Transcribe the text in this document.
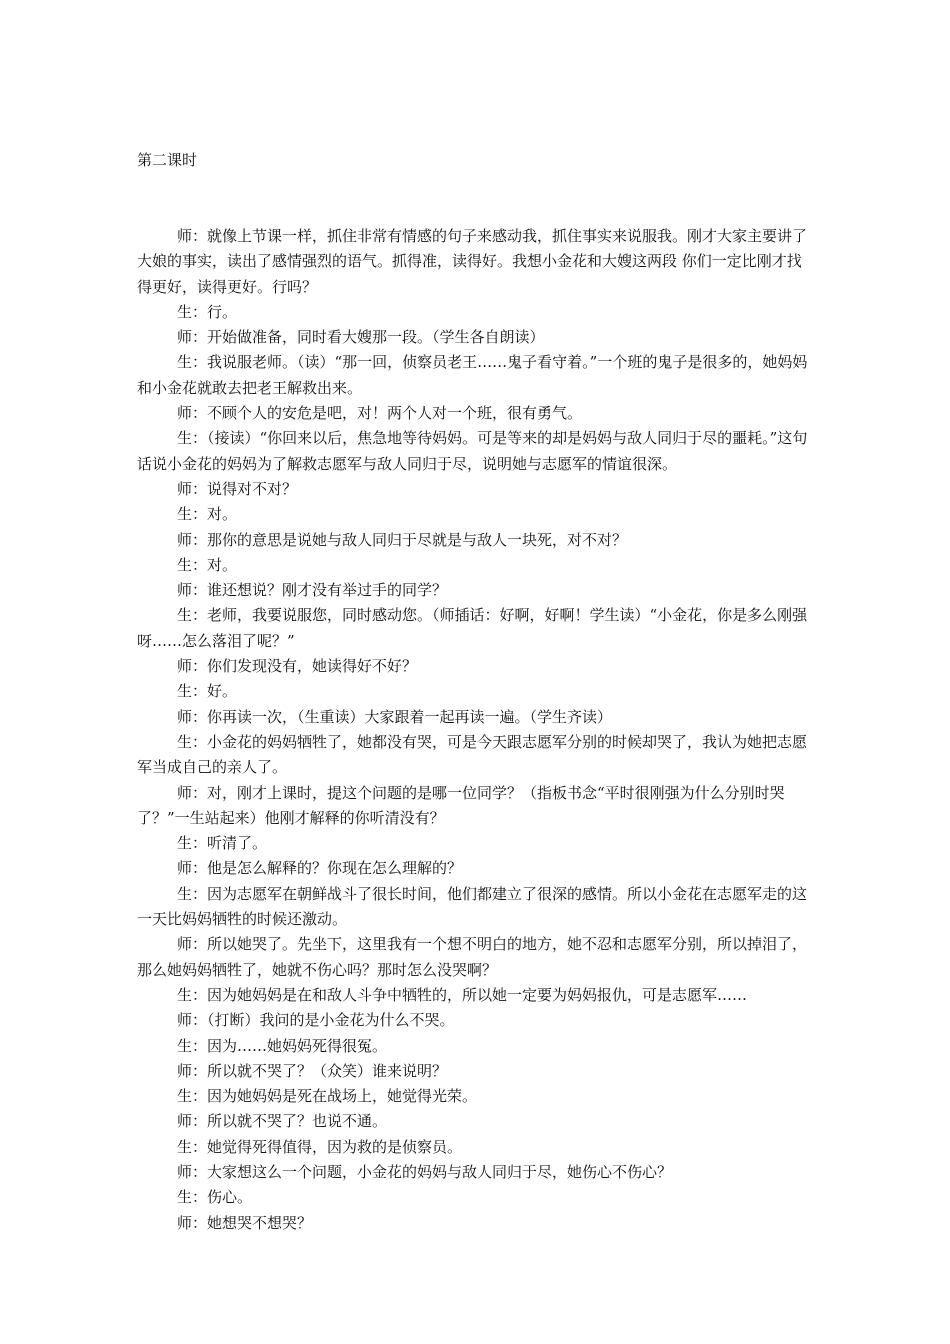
第二课时

师：就像上节课一样，抓住非常有情感的句子来感动我，抓住事实来说服我。刚才大家主要讲了大娘的事实，读出了感情强烈的语气。抓得准，读得好。我想小金花和大嫂这两段 你们一定比刚才找得更好，读得更好。行吗？

生：行。

师：开始做准备，同时看大嫂那一段。（学生各自朗读）

生：我说服老师。（读）“那一回，侦察员老王……鬼子看守着。”一个班的鬼子是很多的，她妈妈和小金花就敢去把老王解救出来。

师：不顾个人的安危是吧，对！两个人对一个班，很有勇气。

生：（接读）“你回来以后，焦急地等待妈妈。可是等来的却是妈妈与敌人同归于尽的噩耗。”这句话说小金花的妈妈为了解救志愿军与敌人同归于尽，说明她与志愿军的情谊很深。

师：说得对不对？

生：对。

师：那你的意思是说她与敌人同归于尽就是与敌人一块死，对不对？

生：对。

师：谁还想说？刚才没有举过手的同学？

生：老师，我要说服您，同时感动您。（师插话：好啊，好啊！学生读）“小金花，你是多么刚强呀……怎么落泪了呢？”

师：你们发现没有，她读得好不好？

生：好。

师：你再读一次，（生重读）大家跟着一起再读一遍。（学生齐读）

生：小金花的妈妈牺牲了，她都没有哭，可是今天跟志愿军分别的时候却哭了，我认为她把志愿军当成自己的亲人了。

师：对，刚才上课时，提这个问题的是哪一位同学？（指板书念“平时很刚强为什么分别时哭了？”一生站起来）他刚才解释的你听清没有？

生：听清了。

师：他是怎么解释的？你现在怎么理解的？

生：因为志愿军在朝鲜战斗了很长时间，他们都建立了很深的感情。所以小金花在志愿军走的这一天比妈妈牺牲的时候还激动。

师：所以她哭了。先坐下，这里我有一个想不明白的地方，她不忍和志愿军分别，所以掉泪了，那么她妈妈牺牲了，她就不伤心吗？那时怎么没哭啊？

生：因为她妈妈是在和敌人斗争中牺牲的，所以她一定要为妈妈报仇，可是志愿军……

师：（打断）我问的是小金花为什么不哭。

生：因为……她妈妈死得很冤。

师：所以就不哭了？（众笑）谁来说明？

生：因为她妈妈是死在战场上，她觉得光荣。

师：所以就不哭了？也说不通。

生：她觉得死得值得，因为救的是侦察员。

师：大家想这么一个问题，小金花的妈妈与敌人同归于尽，她伤心不伤心？

生：伤心。

师：她想哭不想哭？
